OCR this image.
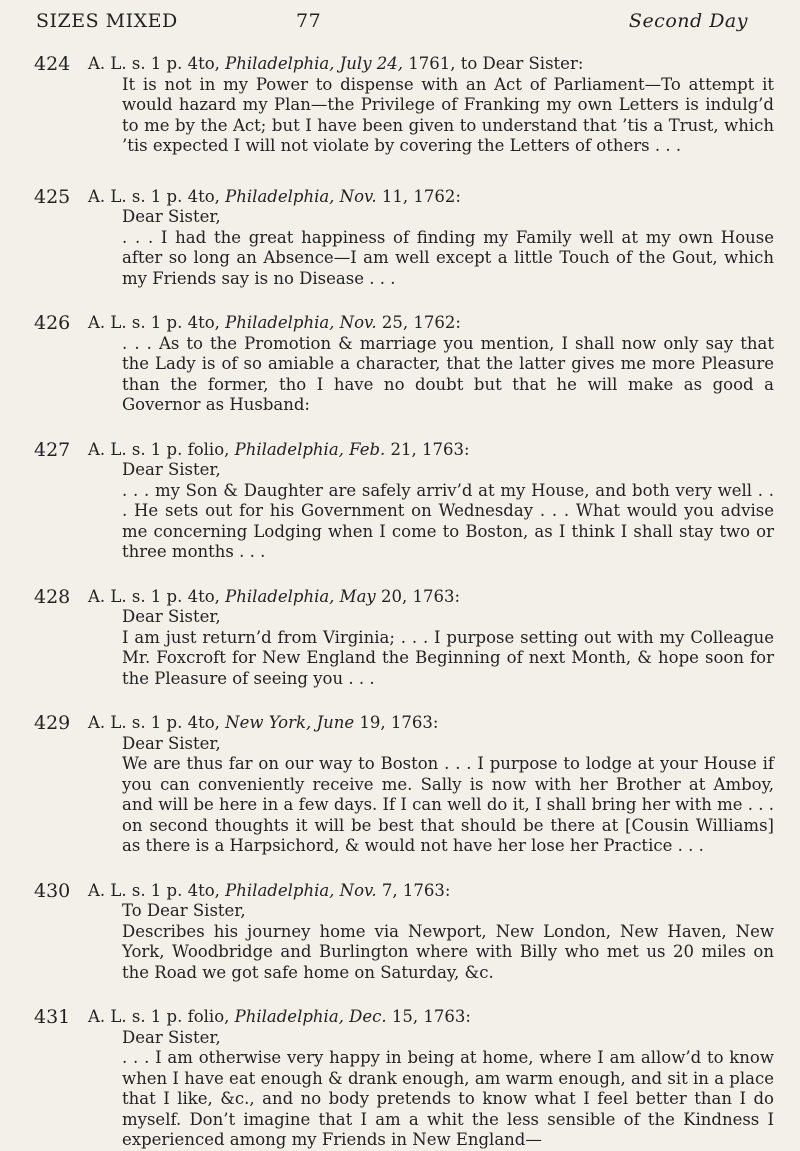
SIZES MIXED	77	Second Day
424	A. L. s. 1 p. 4to, Philadelphia, July 24, 1761, to Dear Sister:

It is not in my Power to dispense with an Act of Parliament—To attempt it would hazard my Plan—the Privilege of Franking my own Letters is indulg’d to me by the Act; but I have been given to understand that ’tis a Trust, which ’tis expected I will not violate by covering the Letters of others . . .

425	A. L. s. 1 p. 4to, Philadelphia, Nov. 11, 1762:

Dear Sister,

. . . I had the great happiness of finding my Family well at my own House after so long an Absence—I am well except a little Touch of the Gout, which my Friends say is no Disease . . .

426	A. L. s. 1 p. 4to, Philadelphia, Nov. 25, 1762:

. . . As to the Promotion & marriage you mention, I shall now only say that the Lady is of so amiable a character, that the latter gives me more Pleasure than the former, tho I have no doubt but that he will make as good a Governor as Husband:

427	A. L. s. 1 p. folio, Philadelphia, Feb. 21, 1763:

Dear Sister,

. . . my Son & Daughter are safely arriv’d at my House, and both very well . . . He sets out for his Government on Wednesday . . . What would you advise me concerning Lodging when I come to Boston, as I think I shall stay two or three months . . .

428	A. L. s. 1 p. 4to, Philadelphia, May 20, 1763:

Dear Sister,

I am just return’d from Virginia; . . . I purpose setting out with my Colleague Mr. Foxcroft for New England the Beginning of next Month, & hope soon for the Pleasure of seeing you . . .

429	A. L. s. 1 p. 4to, New York, June 19, 1763:

Dear Sister,

We are thus far on our way to Boston . . . I purpose to lodge at your House if you can conveniently receive me. Sally is now with her Brother at Amboy, and will be here in a few days. If I can well do it, I shall bring her with me . . . on second thoughts it will be best that should be there at [Cousin Williams] as there is a Harpsichord, & would not have her lose her Practice . . .

430	A. L. s. 1 p. 4to, Philadelphia, Nov. 7, 1763:

To Dear Sister,

Describes his journey home via Newport, New London, New Haven, New York, Woodbridge and Burlington where with Billy who met us 20 miles on the Road we got safe home on Saturday, &c.

431	A. L. s. 1 p. folio, Philadelphia, Dec. 15, 1763:

Dear Sister,

. . . I am otherwise very happy in being at home, where I am allow’d to know when I have eat enough & drank enough, am warm enough, and sit in a place that I like, &c., and no body pretends to know what I feel better than I do myself. Don’t imagine that I am a whit the less sensible of the Kindness I experienced among my Friends in New England—
